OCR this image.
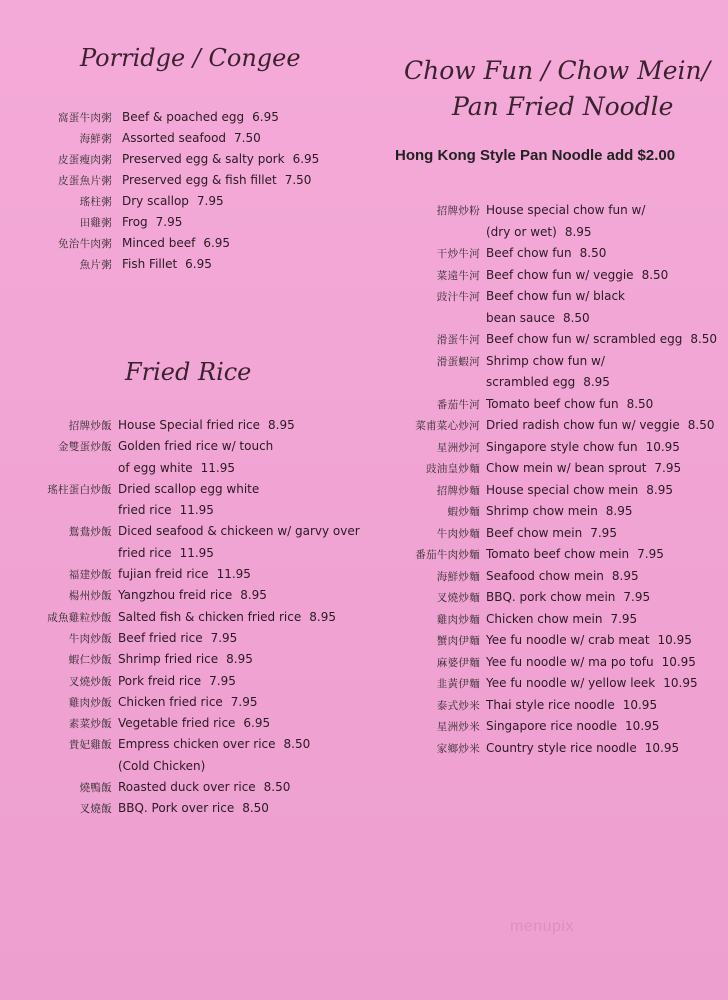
Porridge / Congee
窩蛋牛肉粥 Beef & poached egg 6.95
海鮮粥 Assorted seafood 7.50
皮蛋瘦肉粥 Preserved egg & salty pork 6.95
皮蛋魚片粥 Preserved egg & fish fillet 7.50
瑤柱粥 Dry scallop 7.95
田雞粥 Frog 7.95
免治牛肉粥 Minced beef 6.95
魚片粥 Fish Fillet 6.95
Fried Rice
招牌炒飯 House Special fried rice 8.95
金雙蛋炒飯 Golden fried rice w/ touch
of egg white 11.95
瑤柱蛋白炒飯 Dried scallop egg white
fried rice 11.95
鴛鴦炒飯 Diced seafood & chickeen w/ garvy over
fried rice 11.95
福建炒飯 fujian freid rice 11.95
楊州炒飯 Yangzhou freid rice 8.95
咸魚雞粒炒飯 Salted fish & chicken fried rice 8.95
牛肉炒飯 Beef fried rice 7.95
蝦仁炒飯 Shrimp fried rice 8.95
叉燒炒飯 Pork freid rice 7.95
雞肉炒飯 Chicken fried rice 7.95
素菜炒飯 Vegetable fried rice 6.95
貴妃雞飯 Empress chicken over rice 8.50
(Cold Chicken)
燒鴨飯 Roasted duck over rice 8.50
叉燒飯 BBQ. Pork over rice 8.50
Chow Fun / Chow Mein/
Pan Fried Noodle
Hong Kong Style Pan Noodle add $2.00
招牌炒粉 House special chow fun w/
(dry or wet) 8.95
干炒牛河 Beef chow fun 8.50
菜遠牛河 Beef chow fun w/ veggie 8.50
豉汁牛河 Beef chow fun w/ black
bean sauce 8.50
滑蛋牛河 Beef chow fun w/ scrambled egg 8.50
滑蛋蝦河 Shrimp chow fun w/
scrambled egg 8.95
番茄牛河 Tomato beef chow fun 8.50
菜甫菜心炒河 Dried radish chow fun w/ veggie 8.50
星洲炒河 Singapore style chow fun 10.95
豉油皇炒麵 Chow mein w/ bean sprout 7.95
招牌炒麵 House special chow mein 8.95
蝦炒麵 Shrimp chow mein 8.95
牛肉炒麵 Beef chow mein 7.95
番茄牛肉炒麵 Tomato beef chow mein 7.95
海鮮炒麵 Seafood chow mein 8.95
叉燒炒麵 BBQ. pork chow mein 7.95
雞肉炒麵 Chicken chow mein 7.95
蟹肉伊麵 Yee fu noodle w/ crab meat 10.95
麻婆伊麵 Yee fu noodle w/ ma po tofu 10.95
韭黃伊麵 Yee fu noodle w/ yellow leek 10.95
泰式炒米 Thai style rice noodle 10.95
星洲炒米 Singapore rice noodle 10.95
家鄉炒米 Country style rice noodle 10.95
menupix
